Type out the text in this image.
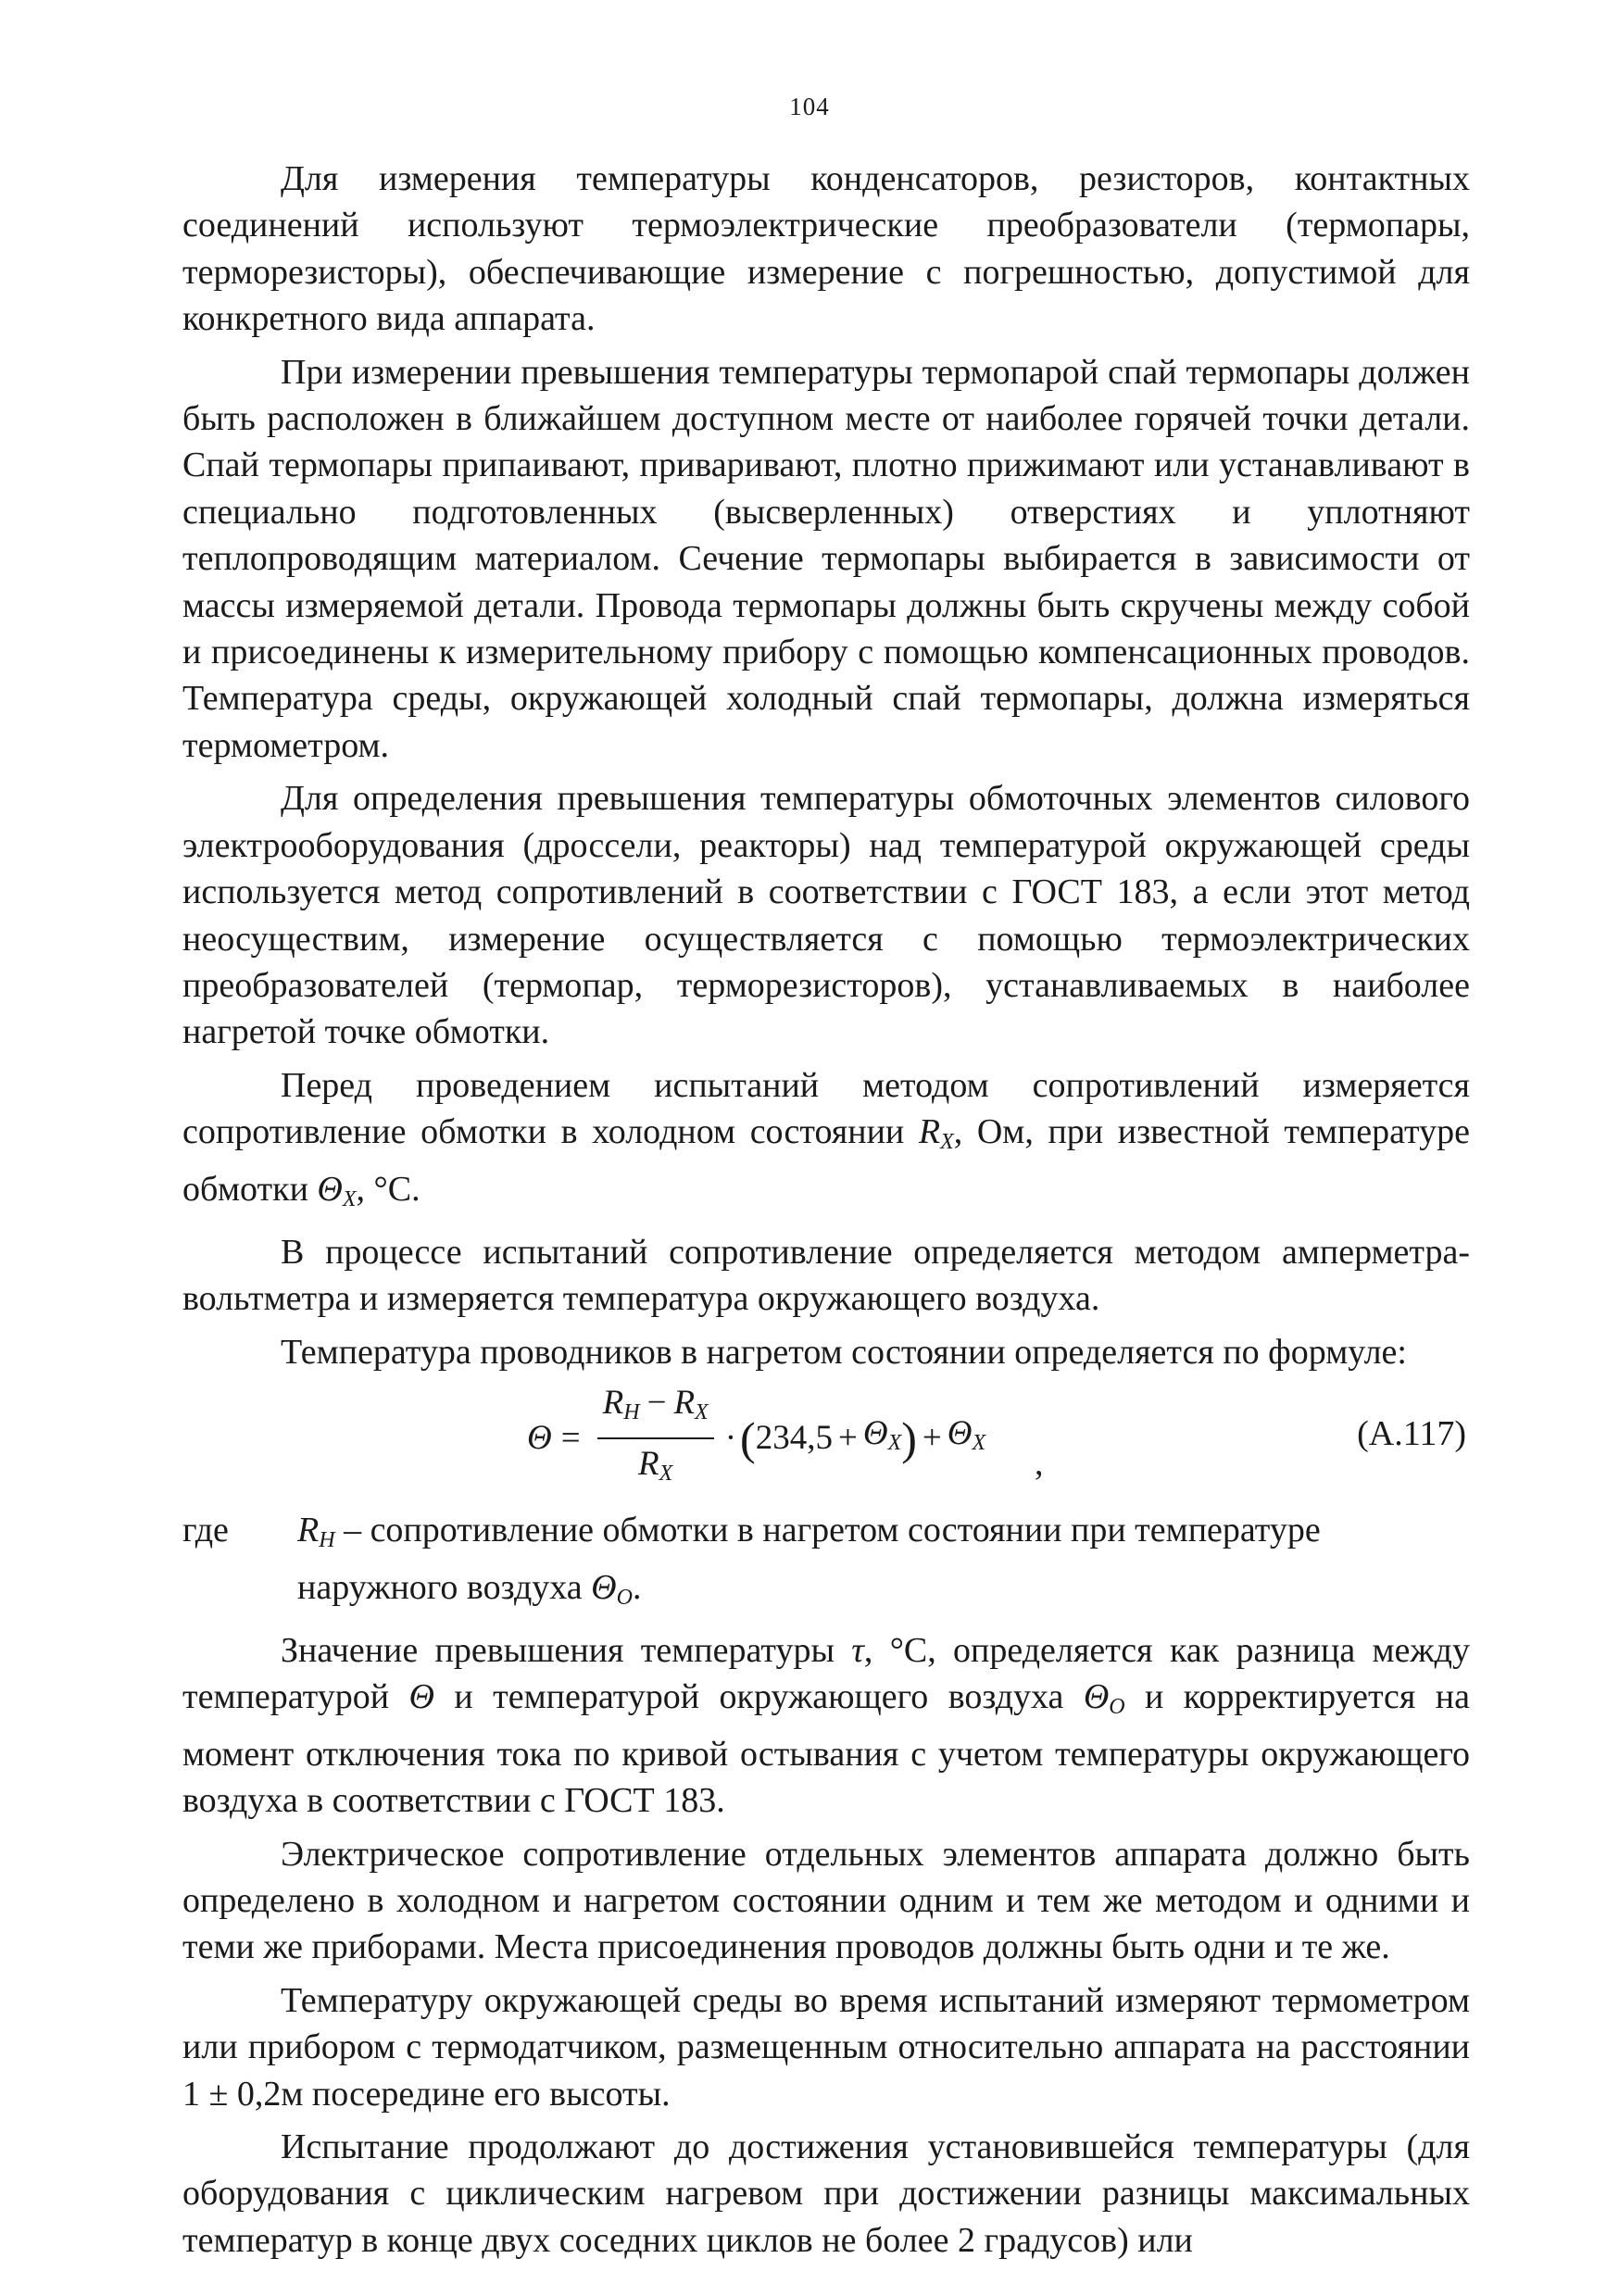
104

Для измерения температуры конденсаторов, резисторов, контактных соединений используют термоэлектрические преобразователи (термопары, терморезисторы), обеспечивающие измерение с погрешностью, допустимой для конкретного вида аппарата.

При измерении превышения температуры термопарой спай термопары должен быть расположен в ближайшем доступном месте от наиболее горячей точки детали. Спай термопары припаивают, приваривают, плотно прижимают или устанавливают в специально подготовленных (высверленных) отверстиях и уплотняют теплопроводящим материалом. Сечение термопары выбирается в зависимости от массы измеряемой детали. Провода термопары должны быть скручены между собой и присоединены к измерительному прибору с помощью компенсационных проводов. Температура среды, окружающей холодный спай термопары, должна измеряться термометром.

Для определения превышения температуры обмоточных элементов силового электрооборудования (дроссели, реакторы) над температурой окружающей среды используется метод сопротивлений в соответствии с ГОСТ 183, а если этот метод неосуществим, измерение осуществляется с помощью термоэлектрических преобразователей (термопар, терморезисторов), устанавливаемых в наиболее нагретой точке обмотки.

Перед проведением испытаний методом сопротивлений измеряется сопротивление обмотки в холодном состоянии $R_X$, Ом, при известной температуре обмотки $\Theta_X$, °С.

В процессе испытаний сопротивление определяется методом амперметра-вольтметра и измеряется температура окружающего воздуха.

Температура проводников в нагретом состоянии определяется по формуле:

$\Theta = \frac{R_H - R_X}{R_X}$ · ( $234,5 + \Theta_X$ ) + $\Theta_X$
,
(А.117)
где	$R_H$ – сопротивление обмотки в нагретом состоянии при температуре наружного воздуха $\Theta_O$.

Значение превышения температуры τ, °С, определяется как разница между температурой Θ и температурой окружающего воздуха $\Theta_O$ и корректируется на момент отключения тока по кривой остывания с учетом температуры окружающего воздуха в соответствии с ГОСТ 183.

Электрическое сопротивление отдельных элементов аппарата должно быть определено в холодном и нагретом состоянии одним и тем же методом и одними и теми же приборами. Места присоединения проводов должны быть одни и те же.

Температуру окружающей среды во время испытаний измеряют термометром или прибором с термодатчиком, размещенным относительно аппарата на расстоянии 1 ± 0,2м посередине его высоты.

Испытание продолжают до достижения установившейся температуры (для оборудования с циклическим нагревом при достижении разницы максимальных температур в конце двух соседних циклов не более 2 градусов) или
